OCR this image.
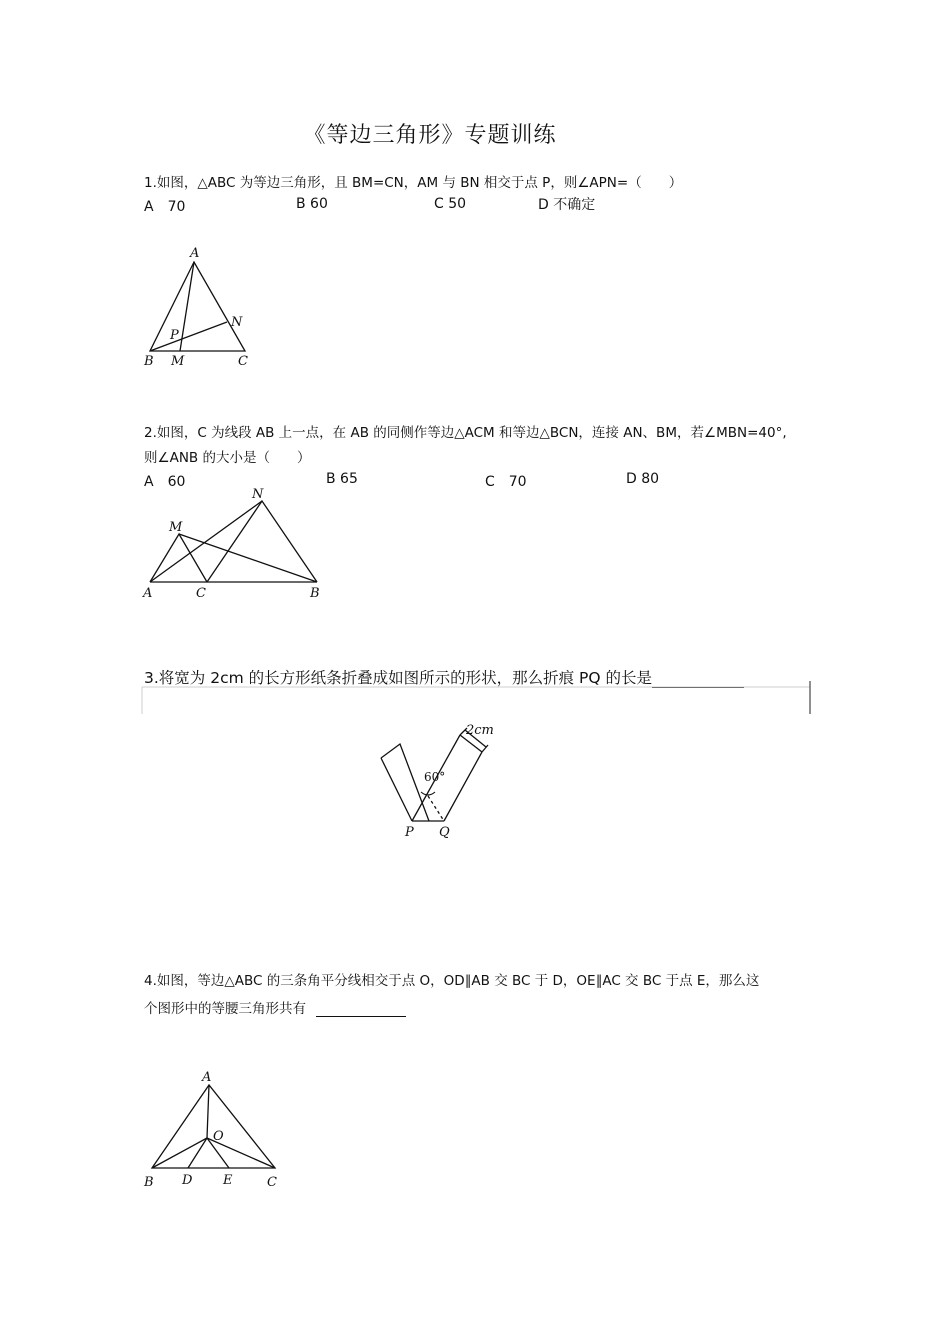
《等边三角形》专题训练
1.如图，△ABC 为等边三角形，且 BM=CN，AM 与 BN 相交于点 P，则∠APN=（　　）
A　70	B 60	C 50	D 不确定
A
P
N
B M	C
2.如图，C 为线段 AB 上一点，在 AB 的同侧作等边△ACM 和等边△BCN，连接 AN、BM，若∠MBN=40°,
则∠ANB 的大小是（　　）
A　60	B 65	C　70	D 80
N
M
A	C	B
3.将宽为 2cm 的长方形纸条折叠成如图所示的形状，那么折痕 PQ 的长是
2cm
60°
P Q
4.如图，等边△ABC 的三条角平分线相交于点 O，OD∥AB 交 BC 于 D，OE∥AC 交 BC 于点 E，那么这
个图形中的等腰三角形共有
A
O
B D E	C
